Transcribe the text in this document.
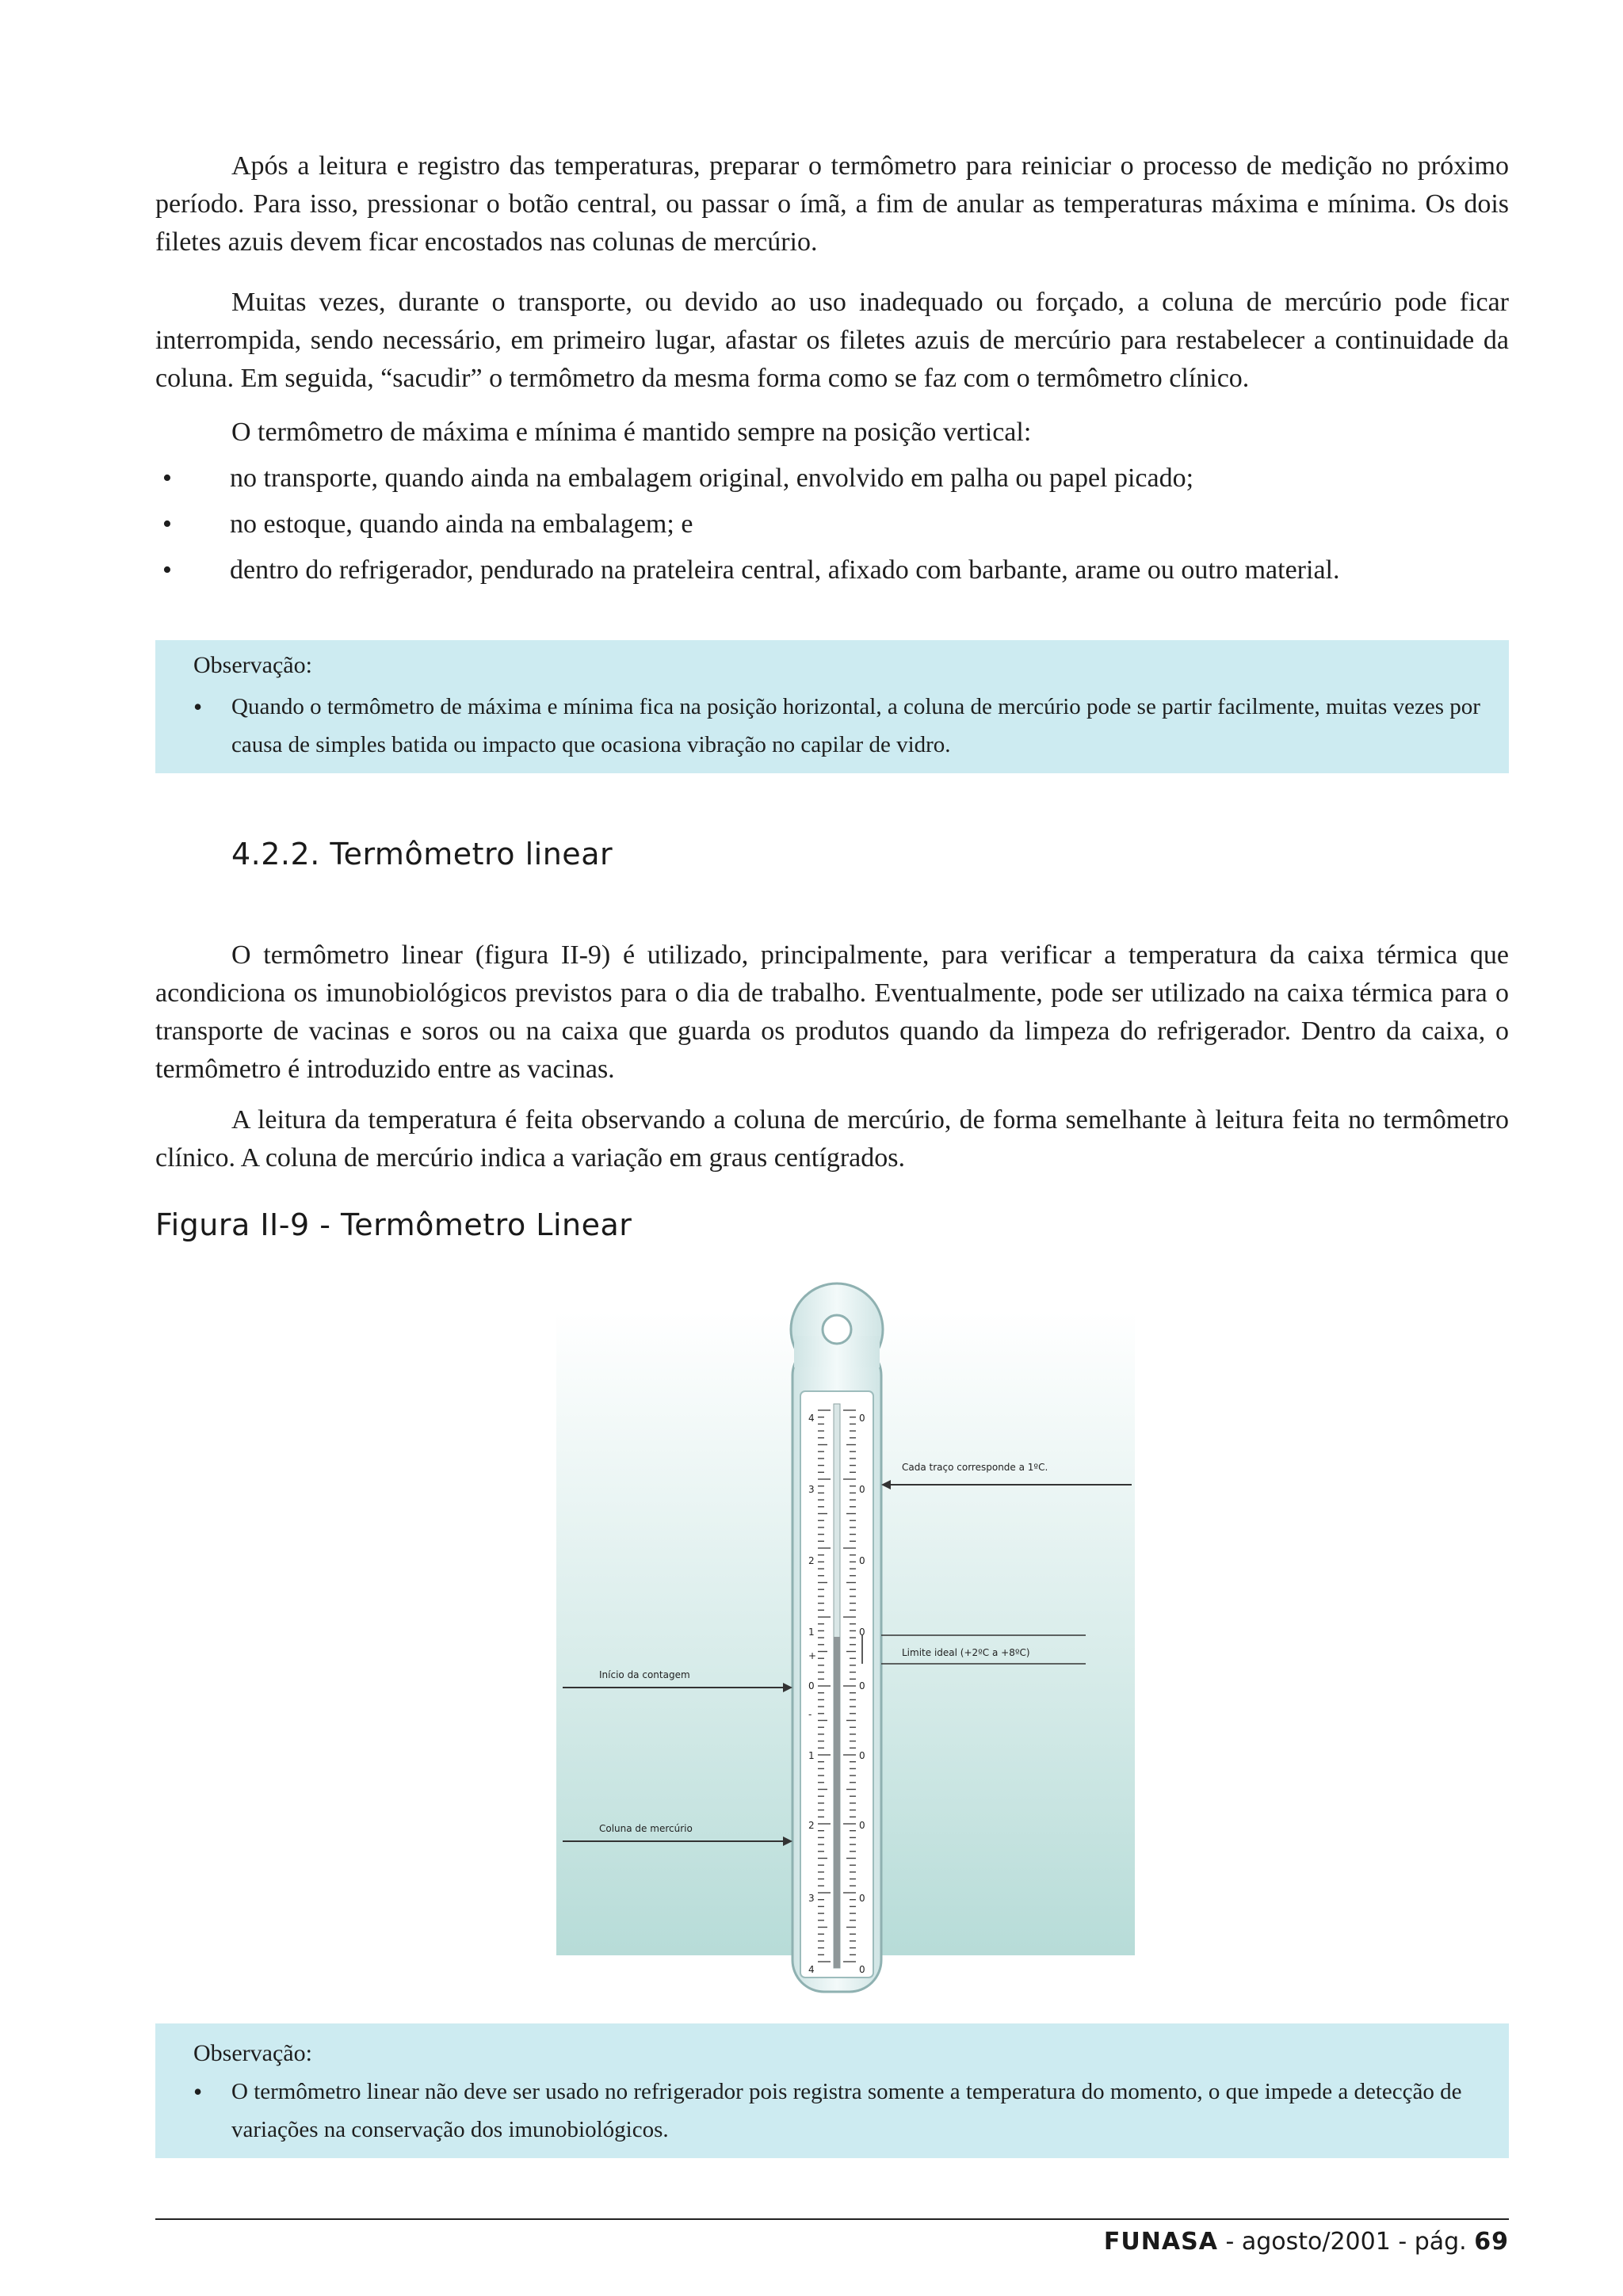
Após a leitura e registro das temperaturas, preparar o termômetro para reiniciar o processo de medição no próximo período. Para isso, pressionar o botão central, ou passar o ímã, a fim de anular as temperaturas máxima e mínima. Os dois filetes azuis devem ficar encostados nas colunas de mercúrio.

Muitas vezes, durante o transporte, ou devido ao uso inadequado ou forçado, a coluna de mercúrio pode ficar interrompida, sendo necessário, em primeiro lugar, afastar os filetes azuis de mercúrio para restabelecer a continuidade da coluna. Em seguida, “sacudir” o termômetro da mesma forma como se faz com o termômetro clínico.

O termômetro de máxima e mínima é mantido sempre na posição vertical:

• no transporte, quando ainda na embalagem original, envolvido em palha ou papel picado;
• no estoque, quando ainda na embalagem; e
• dentro do refrigerador, pendurado na prateleira central, afixado com barbante, arame ou outro material.
Observação:
• Quando o termômetro de máxima e mínima fica na posição horizontal, a coluna de mercúrio pode se partir facilmente, muitas vezes por causa de simples batida ou impacto que ocasiona vibração no capilar de vidro.
4.2.2. Termômetro linear

O termômetro linear (figura II-9) é utilizado, principalmente, para verificar a temperatura da caixa térmica que acondiciona os imunobiológicos previstos para o dia de trabalho. Eventualmente, pode ser utilizado na caixa térmica para o transporte de vacinas e soros ou na caixa que guarda os produtos quando da limpeza do refrigerador. Dentro da caixa, o termômetro é introduzido entre as vacinas.

A leitura da temperatura é feita observando a coluna de mercúrio, de forma semelhante à leitura feita no termômetro clínico. A coluna de mercúrio indica a variação em graus centígrados.

Figura II-9 - Termômetro Linear
4
3
2
1
+
0
-
1
2
3
4
0
0
0
0
0
0
0
0
0
Cada traço corresponde a 1ºC.
Limite ideal (+2ºC a +8ºC)
Início da contagem
Coluna de mercúrio
Observação:
• O termômetro linear não deve ser usado no refrigerador pois registra somente a temperatura do momento, o que impede a detecção de variações na conservação dos imunobiológicos.
FUNASA - agosto/2001 - pág. 69
